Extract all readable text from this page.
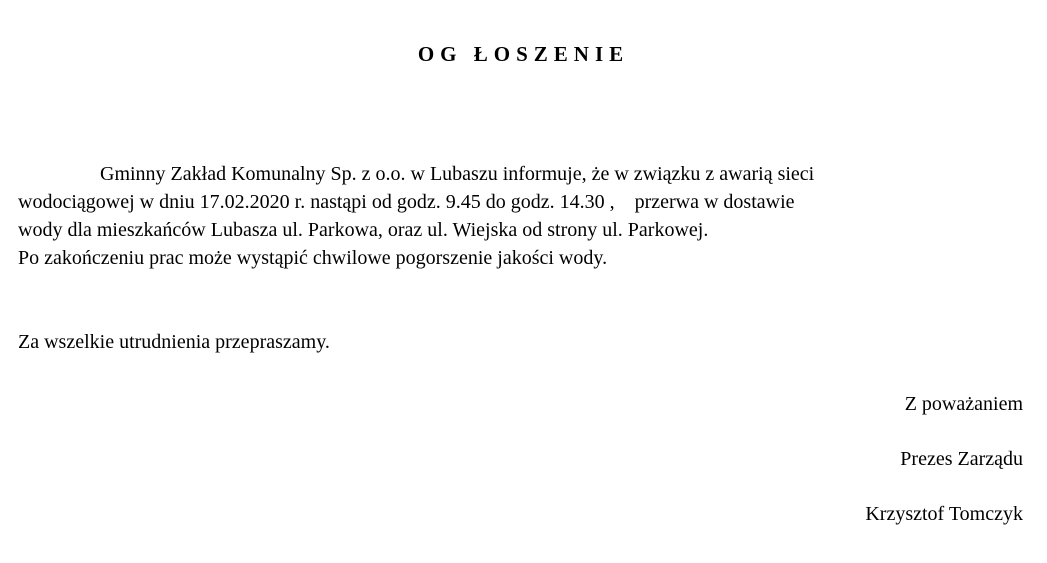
OG ŁOSZENIE
Gminny Zakład Komunalny Sp. z o.o. w Lubaszu informuje, że w związku z awarią sieci
wodociągowej w dniu 17.02.2020 r. nastąpi od godz. 9.45 do godz. 14.30 ,    przerwa w dostawie
wody dla mieszkańców Lubasza ul. Parkowa, oraz ul. Wiejska od strony ul. Parkowej.
Po zakończeniu prac może wystąpić chwilowe pogorszenie jakości wody.
Za wszelkie utrudnienia przepraszamy.
Z poważaniem
Prezes Zarządu
Krzysztof Tomczyk
